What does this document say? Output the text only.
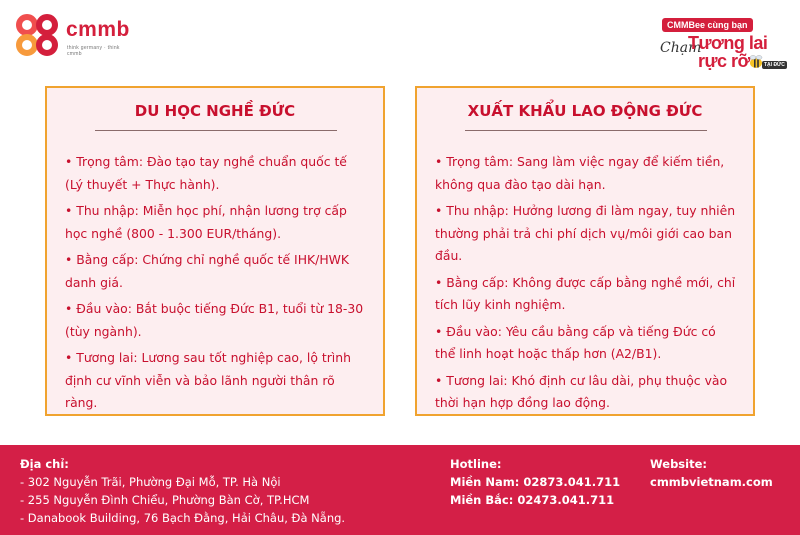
cmmb
think germany · think cmmb
CMMBee cùng bạn
Chạm
Tương lai
rực rỡ	TẠI ĐỨC
DU HỌC NGHỀ ĐỨC
• Trọng tâm: Đào tạo tay nghề chuẩn quốc tế (Lý thuyết + Thực hành).
• Thu nhập: Miễn học phí, nhận lương trợ cấp học nghề (800 - 1.300 EUR/tháng).
• Bằng cấp: Chứng chỉ nghề quốc tế IHK/HWK danh giá.
• Đầu vào: Bắt buộc tiếng Đức B1, tuổi từ 18-30 (tùy ngành).
• Tương lai: Lương sau tốt nghiệp cao, lộ trình định cư vĩnh viễn và bảo lãnh người thân rõ ràng.
XUẤT KHẨU LAO ĐỘNG ĐỨC
• Trọng tâm: Sang làm việc ngay để kiếm tiền, không qua đào tạo dài hạn.
• Thu nhập: Hưởng lương đi làm ngay, tuy nhiên thường phải trả chi phí dịch vụ/môi giới cao ban đầu.
• Bằng cấp: Không được cấp bằng nghề mới, chỉ tích lũy kinh nghiệm.
• Đầu vào: Yêu cầu bằng cấp và tiếng Đức có thể linh hoạt hoặc thấp hơn (A2/B1).
• Tương lai: Khó định cư lâu dài, phụ thuộc vào thời hạn hợp đồng lao động.
Địa chỉ:
- 302 Nguyễn Trãi, Phường Đại Mỗ, TP. Hà Nội
- 255 Nguyễn Đình Chiểu, Phường Bàn Cờ, TP.HCM
- Danabook Building, 76 Bạch Đằng, Hải Châu, Đà Nẵng.
Hotline:
Miền Nam: 02873.041.711
Miền Bắc: 02473.041.711
Website:
cmmbvietnam.com
